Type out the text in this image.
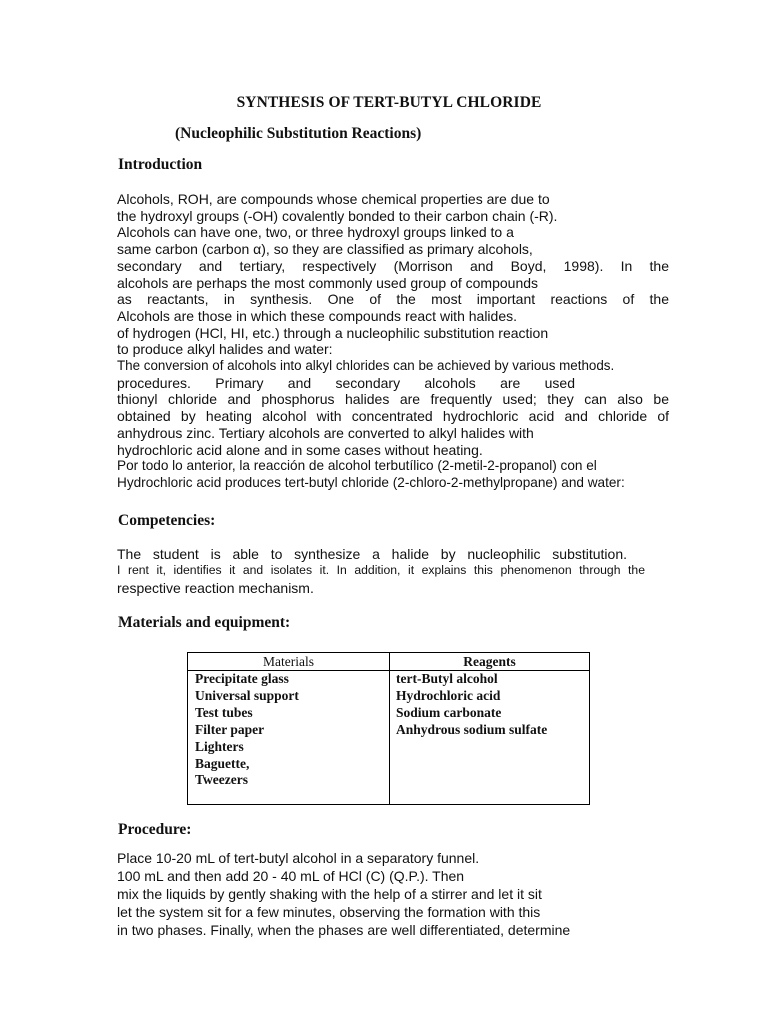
SYNTHESIS OF TERT-BUTYL CHLORIDE
(Nucleophilic Substitution Reactions)
Introduction
Alcohols, ROH, are compounds whose chemical properties are due to
the hydroxyl groups (-OH) covalently bonded to their carbon chain (-R).
Alcohols can have one, two, or three hydroxyl groups linked to a
same carbon (carbon α), so they are classified as primary alcohols,
secondary and tertiary, respectively (Morrison and Boyd, 1998). In the
alcohols are perhaps the most commonly used group of compounds
as reactants, in synthesis. One of the most important reactions of the
Alcohols are those in which these compounds react with halides.
of hydrogen (HCl, HI, etc.) through a nucleophilic substitution reaction
to produce alkyl halides and water:
The conversion of alcohols into alkyl chlorides can be achieved by various methods.
procedures. Primary and secondary alcohols are used
thionyl chloride and phosphorus halides are frequently used; they can also be
obtained by heating alcohol with concentrated hydrochloric acid and chloride of
anhydrous zinc. Tertiary alcohols are converted to alkyl halides with
hydrochloric acid alone and in some cases without heating.
Por todo lo anterior, la reacción de alcohol terbutílico (2-metil-2-propanol) con el
Hydrochloric acid produces tert-butyl chloride (2-chloro-2-methylpropane) and water:
Competencies:
The student is able to synthesize a halide by nucleophilic substitution.
I rent it, identifies it and isolates it. In addition, it explains this phenomenon through the
respective reaction mechanism.
Materials and equipment:
Materials	Reagents
Precipitate glass
Universal support
Test tubes
Filter paper
Lighters
Baguette,
Tweezers
tert-Butyl alcohol
Hydrochloric acid
Sodium carbonate
Anhydrous sodium sulfate
Procedure:
Place 10-20 mL of tert-butyl alcohol in a separatory funnel.
100 mL and then add 20 - 40 mL of HCl (C) (Q.P.). Then
mix the liquids by gently shaking with the help of a stirrer and let it sit
let the system sit for a few minutes, observing the formation with this
in two phases. Finally, when the phases are well differentiated, determine
